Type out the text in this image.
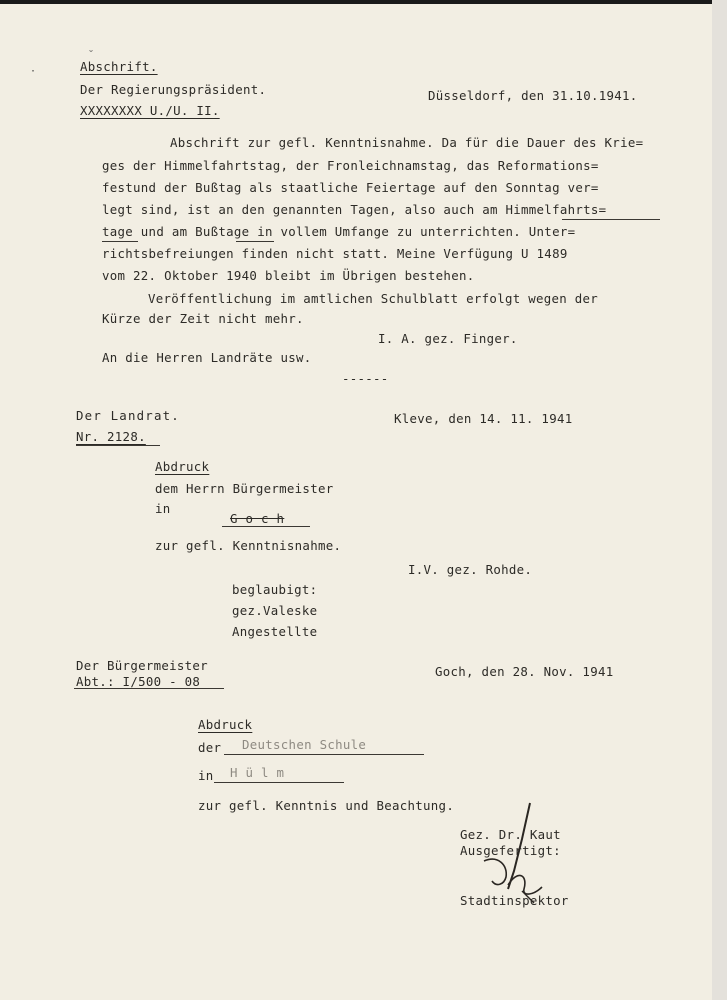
·
˘
Abschrift.
Der Regierungspräsident.	Düsseldorf, den 31.10.1941.
XXXXXXXX U./U. II.
Abschrift zur gefl. Kenntnisnahme. Da für die Dauer des Krie=
ges der Himmelfahrtstag, der Fronleichnamstag, das Reformations=
festund der Bußtag als staatliche Feiertage auf den Sonntag ver=
legt sind, ist an den genannten Tagen, also auch am Himmelfahrts=
tage und am Bußtage in vollem Umfange zu unterrichten. Unter=
richtsbefreiungen finden nicht statt. Meine Verfügung U 1489
vom 22. Oktober 1940 bleibt im Übrigen bestehen.
Veröffentlichung im amtlichen Schulblatt erfolgt wegen der
Kürze der Zeit nicht mehr.
I. A. gez. Finger.
An die Herren Landräte usw.
------
Der Landrat.	Kleve, den 14. 11. 1941
Nr. 2128.
Abdruck
dem Herrn Bürgermeister
in
G o c h
zur gefl. Kenntnisnahme.
I.V. gez. Rohde.
beglaubigt:
gez.Valeske
Angestellte
Der Bürgermeister	Goch, den 28. Nov. 1941
Abt.: I/500 - 08
Abdruck
der Deutschen Schule
in H ü l m
zur gefl. Kenntnis und Beachtung.
Gez. Dr. Kaut
Ausgefertigt:
Stadtinspektor
